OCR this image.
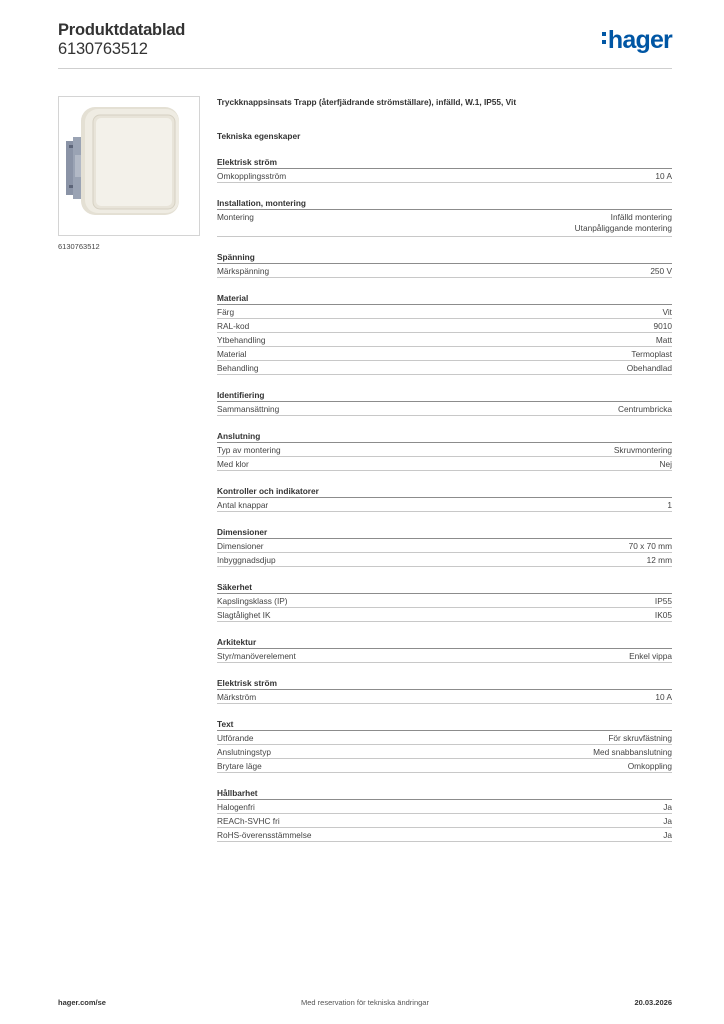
Produktdatablad
6130763512	hager
6130763512
Tryckknappsinsats Trapp (återfjädrande strömställare), infälld, W.1, IP55, Vit
Tekniska egenskaper
Elektrisk ström
Omkopplingsström	10 A
Installation, montering
Montering	Infälld montering
Utanpåliggande montering
Spänning
Märkspänning	250 V
Material
Färg	Vit
RAL-kod	9010
Ytbehandling	Matt
Material	Termoplast
Behandling	Obehandlad
Identifiering
Sammansättning	Centrumbricka
Anslutning
Typ av montering	Skruvmontering
Med klor	Nej
Kontroller och indikatorer
Antal knappar	1
Dimensioner
Dimensioner	70 x 70 mm
Inbyggnadsdjup	12 mm
Säkerhet
Kapslingsklass (IP)	IP55
Slagtålighet IK	IK05
Arkitektur
Styr/manöverelement	Enkel vippa
Elektrisk ström
Märkström	10 A
Text
Utförande	För skruvfästning
Anslutningstyp	Med snabbanslutning
Brytare läge	Omkoppling
Hållbarhet
Halogenfri	Ja
REACh-SVHC fri	Ja
RoHS-överensstämmelse	Ja
hager.com/se	Med reservation för tekniska ändringar	20.03.2026
